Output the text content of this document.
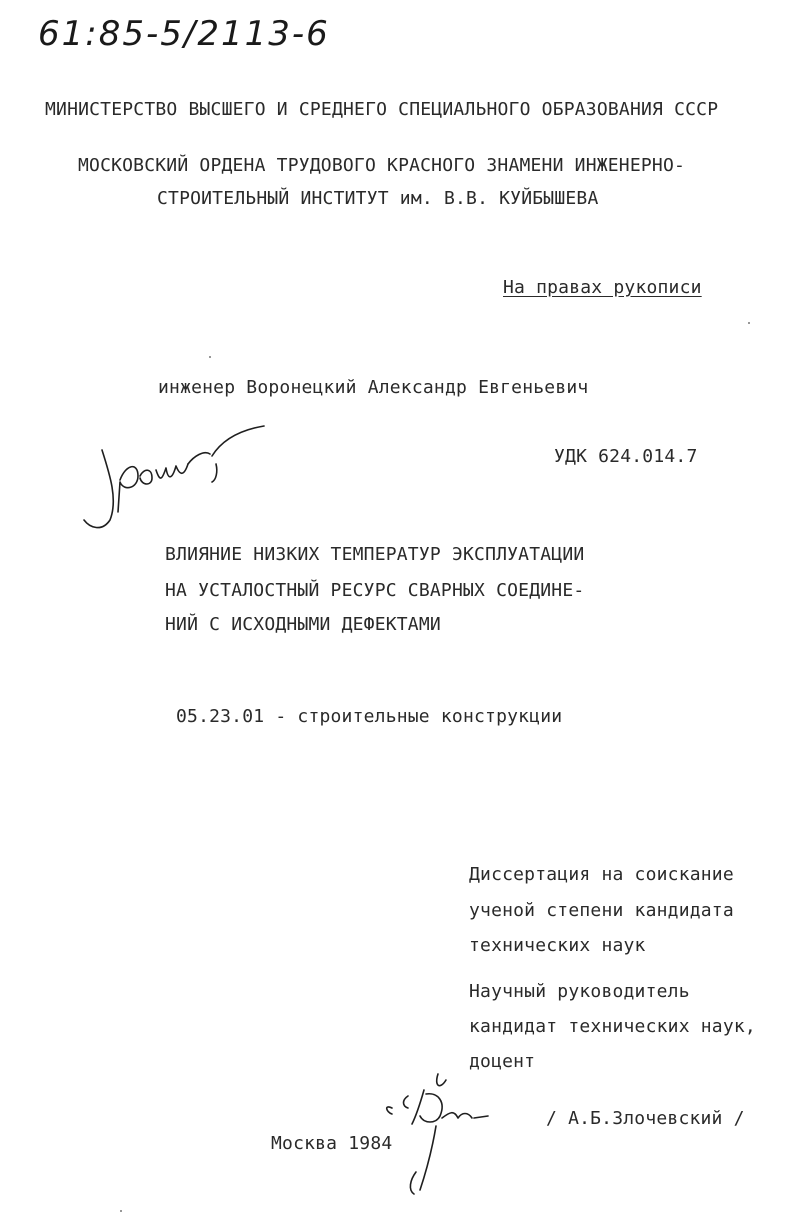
61:85-5/2113-6
МИНИСТЕРСТВО ВЫСШЕГО И СРЕДНЕГО СПЕЦИАЛЬНОГО ОБРАЗОВАНИЯ СССР
МОСКОВСКИЙ ОРДЕНА ТРУДОВОГО КРАСНОГО ЗНАМЕНИ ИНЖЕНЕРНО-
СТРОИТЕЛЬНЫЙ ИНСТИТУТ им. В.В. КУЙБЫШЕВА
На правах рукописи
инженер Воронецкий Александр Евгеньевич
УДК 624.014.7
ВЛИЯНИЕ НИЗКИХ ТЕМПЕРАТУР ЭКСПЛУАТАЦИИ
НА УСТАЛОСТНЫЙ РЕСУРС СВАРНЫХ СОЕДИНЕ-
НИЙ С ИСХОДНЫМИ ДЕФЕКТАМИ
05.23.01 - строительные конструкции
Диссертация на соискание
ученой степени кандидата
технических наук
Научный руководитель
кандидат технических наук,
доцент
/ А.Б.Злочевский /
Москва 1984
